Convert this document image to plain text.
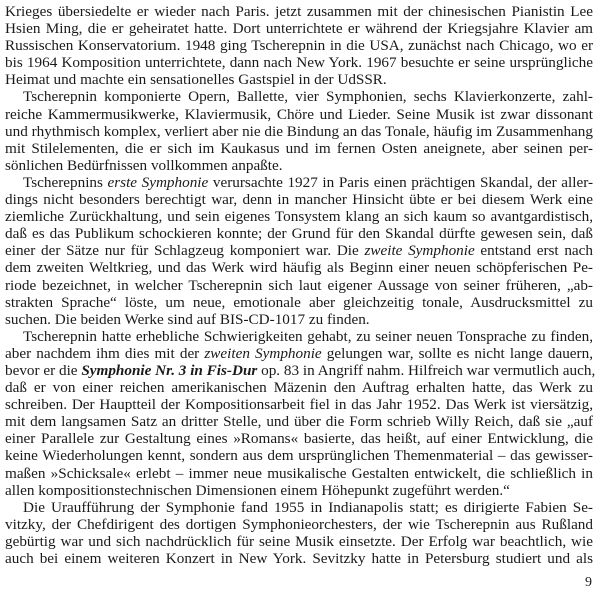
Krieges übersiedelte er wieder nach Paris. jetzt zusammen mit der chinesischen Pianistin Lee
Hsien Ming, die er geheiratet hatte. Dort unterrichtete er während der Kriegsjahre Klavier am
Russischen Konservatorium. 1948 ging Tscherepnin in die USA, zunächst nach Chicago, wo er
bis 1964 Komposition unterrichtete, dann nach New York. 1967 besuchte er seine ursprüngliche
Heimat und machte ein sensationelles Gastspiel in der UdSSR.
Tscherepnin komponierte Opern, Ballette, vier Symphonien, sechs Klavierkonzerte, zahl-
reiche Kammermusikwerke, Klaviermusik, Chöre und Lieder. Seine Musik ist zwar dissonant
und rhythmisch komplex, verliert aber nie die Bindung an das Tonale, häufig im Zusammenhang
mit Stilelementen, die er sich im Kaukasus und im fernen Osten aneignete, aber seinen per-
sönlichen Bedürfnissen vollkommen anpaßte.
Tscherepnins erste Symphonie verursachte 1927 in Paris einen prächtigen Skandal, der aller-
dings nicht besonders berechtigt war, denn in mancher Hinsicht übte er bei diesem Werk eine
ziemliche Zurückhaltung, und sein eigenes Tonsystem klang an sich kaum so avantgardistisch,
daß es das Publikum schockieren konnte; der Grund für den Skandal dürfte gewesen sein, daß
einer der Sätze nur für Schlagzeug komponiert war. Die zweite Symphonie entstand erst nach
dem zweiten Weltkrieg, und das Werk wird häufig als Beginn einer neuen schöpferischen Pe-
riode bezeichnet, in welcher Tscherepnin sich laut eigener Aussage von seiner früheren, „ab-
strakten Sprache“ löste, um neue, emotionale aber gleichzeitig tonale, Ausdrucksmittel zu
suchen. Die beiden Werke sind auf BIS-CD-1017 zu finden.
Tscherepnin hatte erhebliche Schwierigkeiten gehabt, zu seiner neuen Tonsprache zu finden,
aber nachdem ihm dies mit der zweiten Symphonie gelungen war, sollte es nicht lange dauern,
bevor er die Symphonie Nr. 3 in Fis-Dur op. 83 in Angriff nahm. Hilfreich war vermutlich auch,
daß er von einer reichen amerikanischen Mäzenin den Auftrag erhalten hatte, das Werk zu
schreiben. Der Hauptteil der Kompositionsarbeit fiel in das Jahr 1952. Das Werk ist viersätzig,
mit dem langsamen Satz an dritter Stelle, und über die Form schrieb Willy Reich, daß sie „auf
einer Parallele zur Gestaltung eines »Romans« basierte, das heißt, auf einer Entwicklung, die
keine Wiederholungen kennt, sondern aus dem ursprünglichen Themenmaterial – das gewisser-
maßen »Schicksale« erlebt – immer neue musikalische Gestalten entwickelt, die schließlich in
allen kompositionstechnischen Dimensionen einem Höhepunkt zugeführt werden.“
Die Uraufführung der Symphonie fand 1955 in Indianapolis statt; es dirigierte Fabien Se-
vitzky, der Chefdirigent des dortigen Symphonieorchesters, der wie Tscherepnin aus Rußland
gebürtig war und sich nachdrücklich für seine Musik einsetzte. Der Erfolg war beachtlich, wie
auch bei einem weiteren Konzert in New York. Sevitzky hatte in Petersburg studiert und als
9
